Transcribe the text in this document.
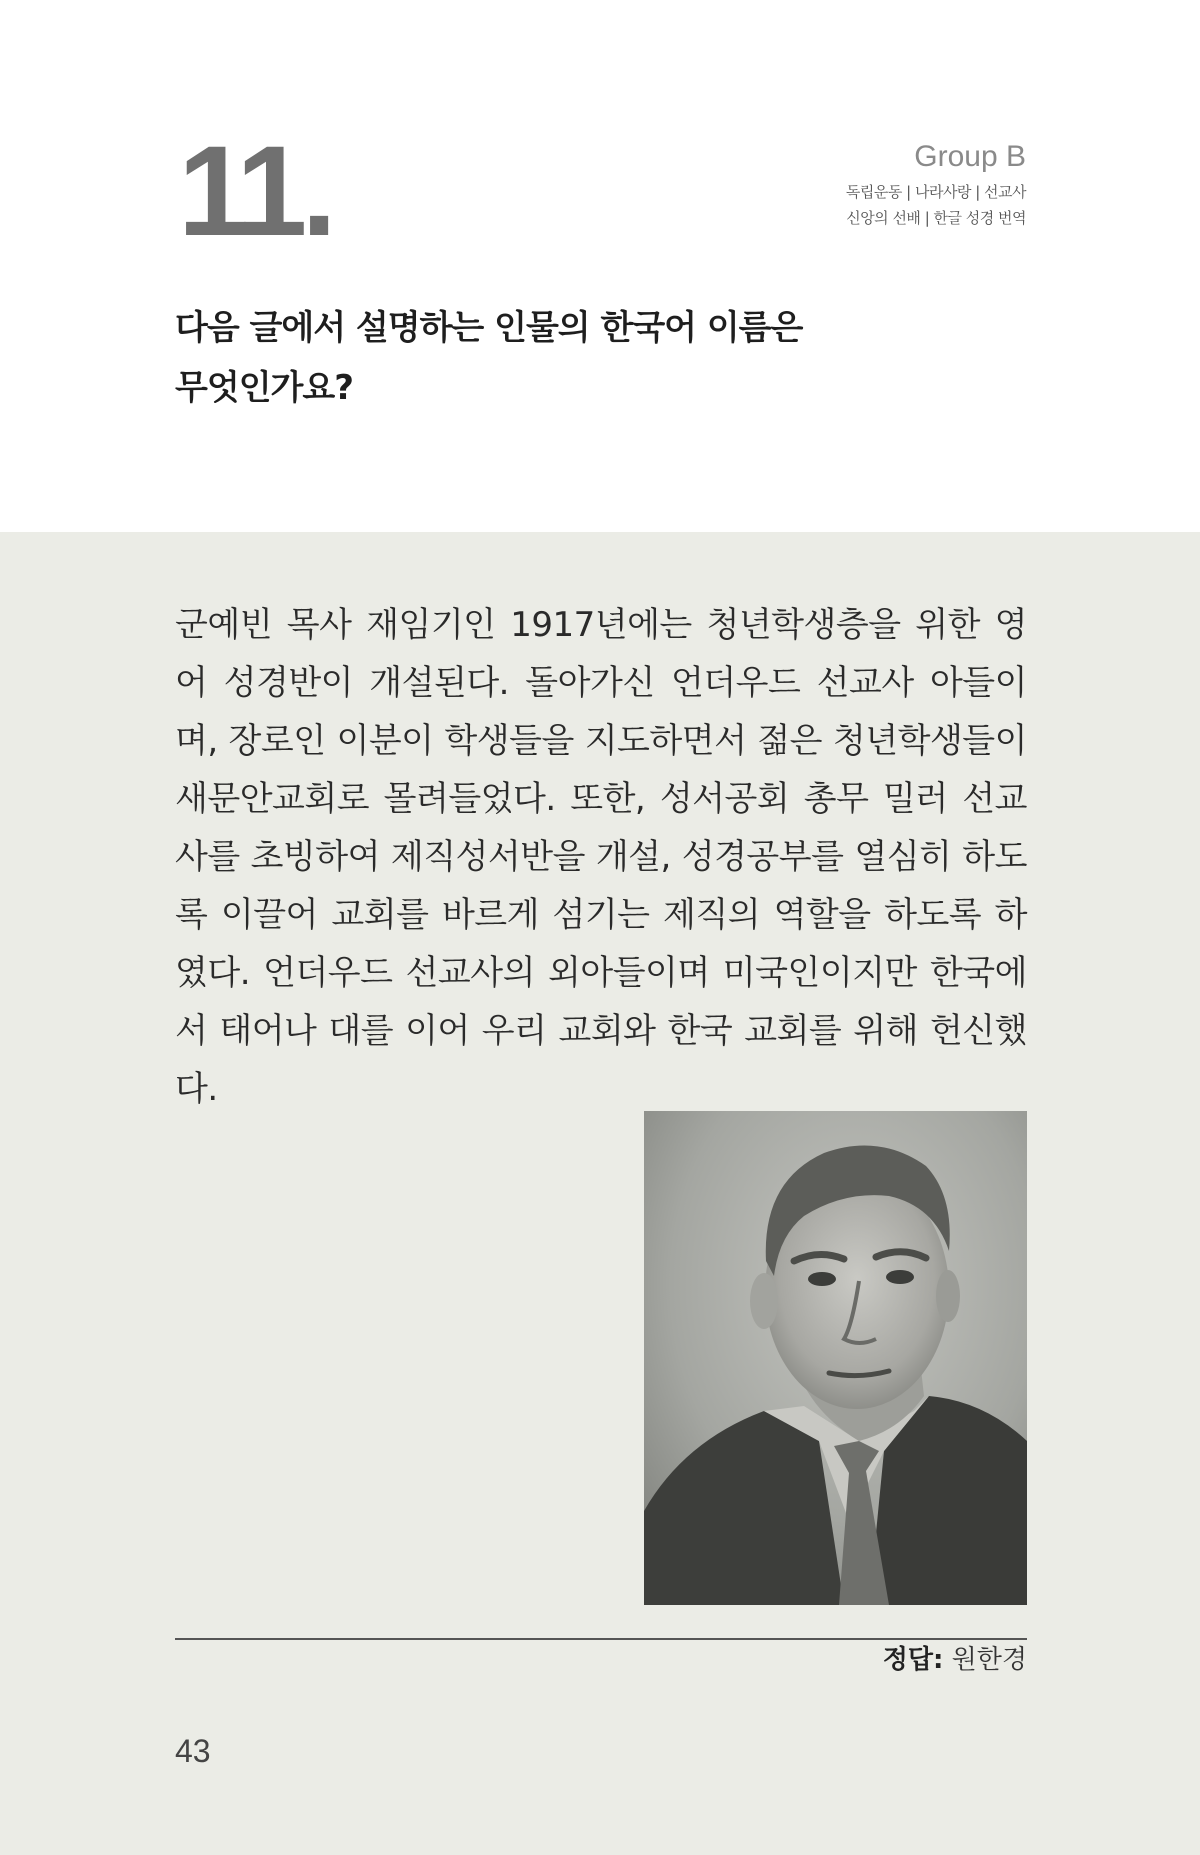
11.	Group B
독립운동 | 나라사랑 | 선교사
신앙의 선배 | 한글 성경 번역
다음 글에서 설명하는 인물의 한국어 이름은
무엇인가요?
군예빈 목사 재임기인 1917년에는 청년학생층을 위한 영어 성경반이 개설된다. 돌아가신 언더우드 선교사 아들이며, 장로인 이분이 학생들을 지도하면서 젊은 청년학생들이 새문안교회로 몰려들었다. 또한, 성서공회 총무 밀러 선교사를 초빙하여 제직성서반을 개설, 성경공부를 열심히 하도록 이끌어 교회를 바르게 섬기는 제직의 역할을 하도록 하였다. 언더우드 선교사의 외아들이며 미국인이지만 한국에서 태어나 대를 이어 우리 교회와 한국 교회를 위해 헌신했다.
정답: 원한경
43
